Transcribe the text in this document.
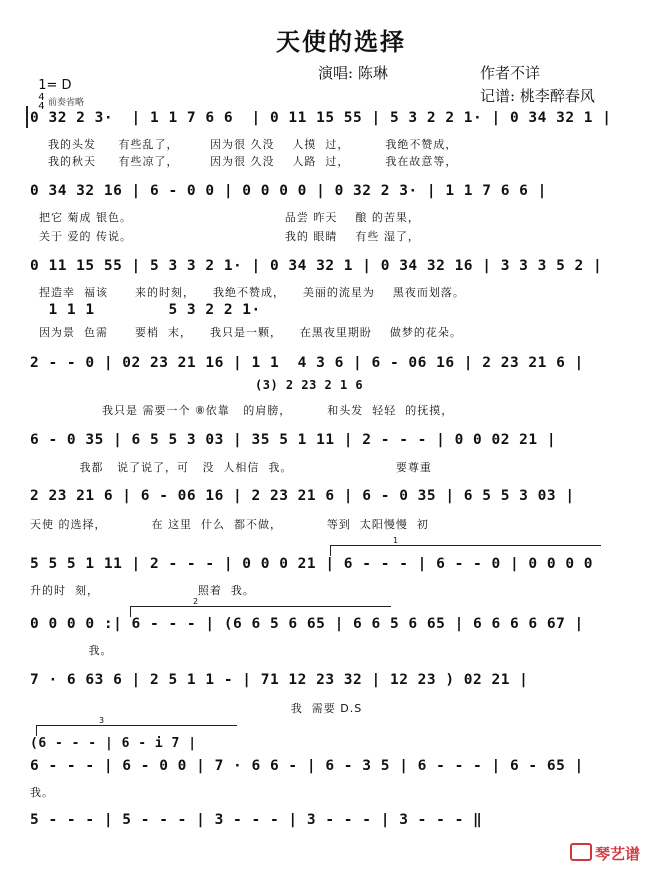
天使的选择

1= D
4
4

演唱: 陈琳	作者不详
记谱: 桃李醉春风
前奏省略
0 32 2 3·  | 1 1 7 6 6  | 0 11 15 55 | 5 3 2 2 1· | 0 34 32 1 |
我的头发     有些乱了，       因为很 久没    人摸  过，        我绝不赞成，
我的秋天     有些凉了，       因为很 久没    人路  过，        我在故意等，
0 34 32 16 | 6 - 0 0 | 0 0 0 0 | 0 32 2 3· | 1 1 7 6 6 |
把它 菊成 银色。                                  品尝 昨天    酿 的苦果，
关于 爱的 传说。                                  我的 眼睛    有些 湿了，
0 11 15 55 | 5 3 3 2 1· | 0 34 32 1 | 0 34 32 16 | 3 3 3 5 2 |
捏造幸  福该      来的时刻，    我绝不赞成，    美丽的流星为    黑夜而划落。
1 1 1        5 3 2 2 1·
因为景  色需      要梢  末，    我只是一颗，    在黑夜里期盼    做梦的花朵。
2 - - 0 | 02 23 21 16 | 1 1  4 3 6 | 6 - 06 16 | 2 23 21 6 |
(3) 2 23 2 1 6
我只是 需要一个 ⑧依靠   的肩膀，        和头发  轻轻  的抚摸，
6 - 0 35 | 6 5 5 3 03 | 35 5 1 11 | 2 - - - | 0 0 02 21 |
我都   说了说了，可   没  人相信  我。                       要尊重
2 23 21 6 | 6 - 06 16 | 2 23 21 6 | 6 - 0 35 | 6 5 5 3 03 |
天使 的选择，          在 这里  什么  都不做，          等到  太阳慢慢  初
5 5 5 1 11 | 2 - - - | 0 0 0 21 | 6 - - - | 6 - - 0 | 0 0 0 0
升的时  刻，                      照着  我。
0 0 0 0 :| 6 - - - | (6 6 5 6 65 | 6 6 5 6 65 | 6 6 6 6 67 |
我。
7 · 6 63 6 | 2 5 1 1 - | 71 12 23 32 | 12 23 ) 02 21 |
我  需要 D.S
(6 - - - | 6 - i 7 |
6 - - - | 6 - 0 0 | 7 · 6 6 - | 6 - 3 5 | 6 - - - | 6 - 65 |
我。
5 - - - | 5 - - - | 3 - - - | 3 - - - | 3 - - - ‖
1
2
3
琴艺谱
